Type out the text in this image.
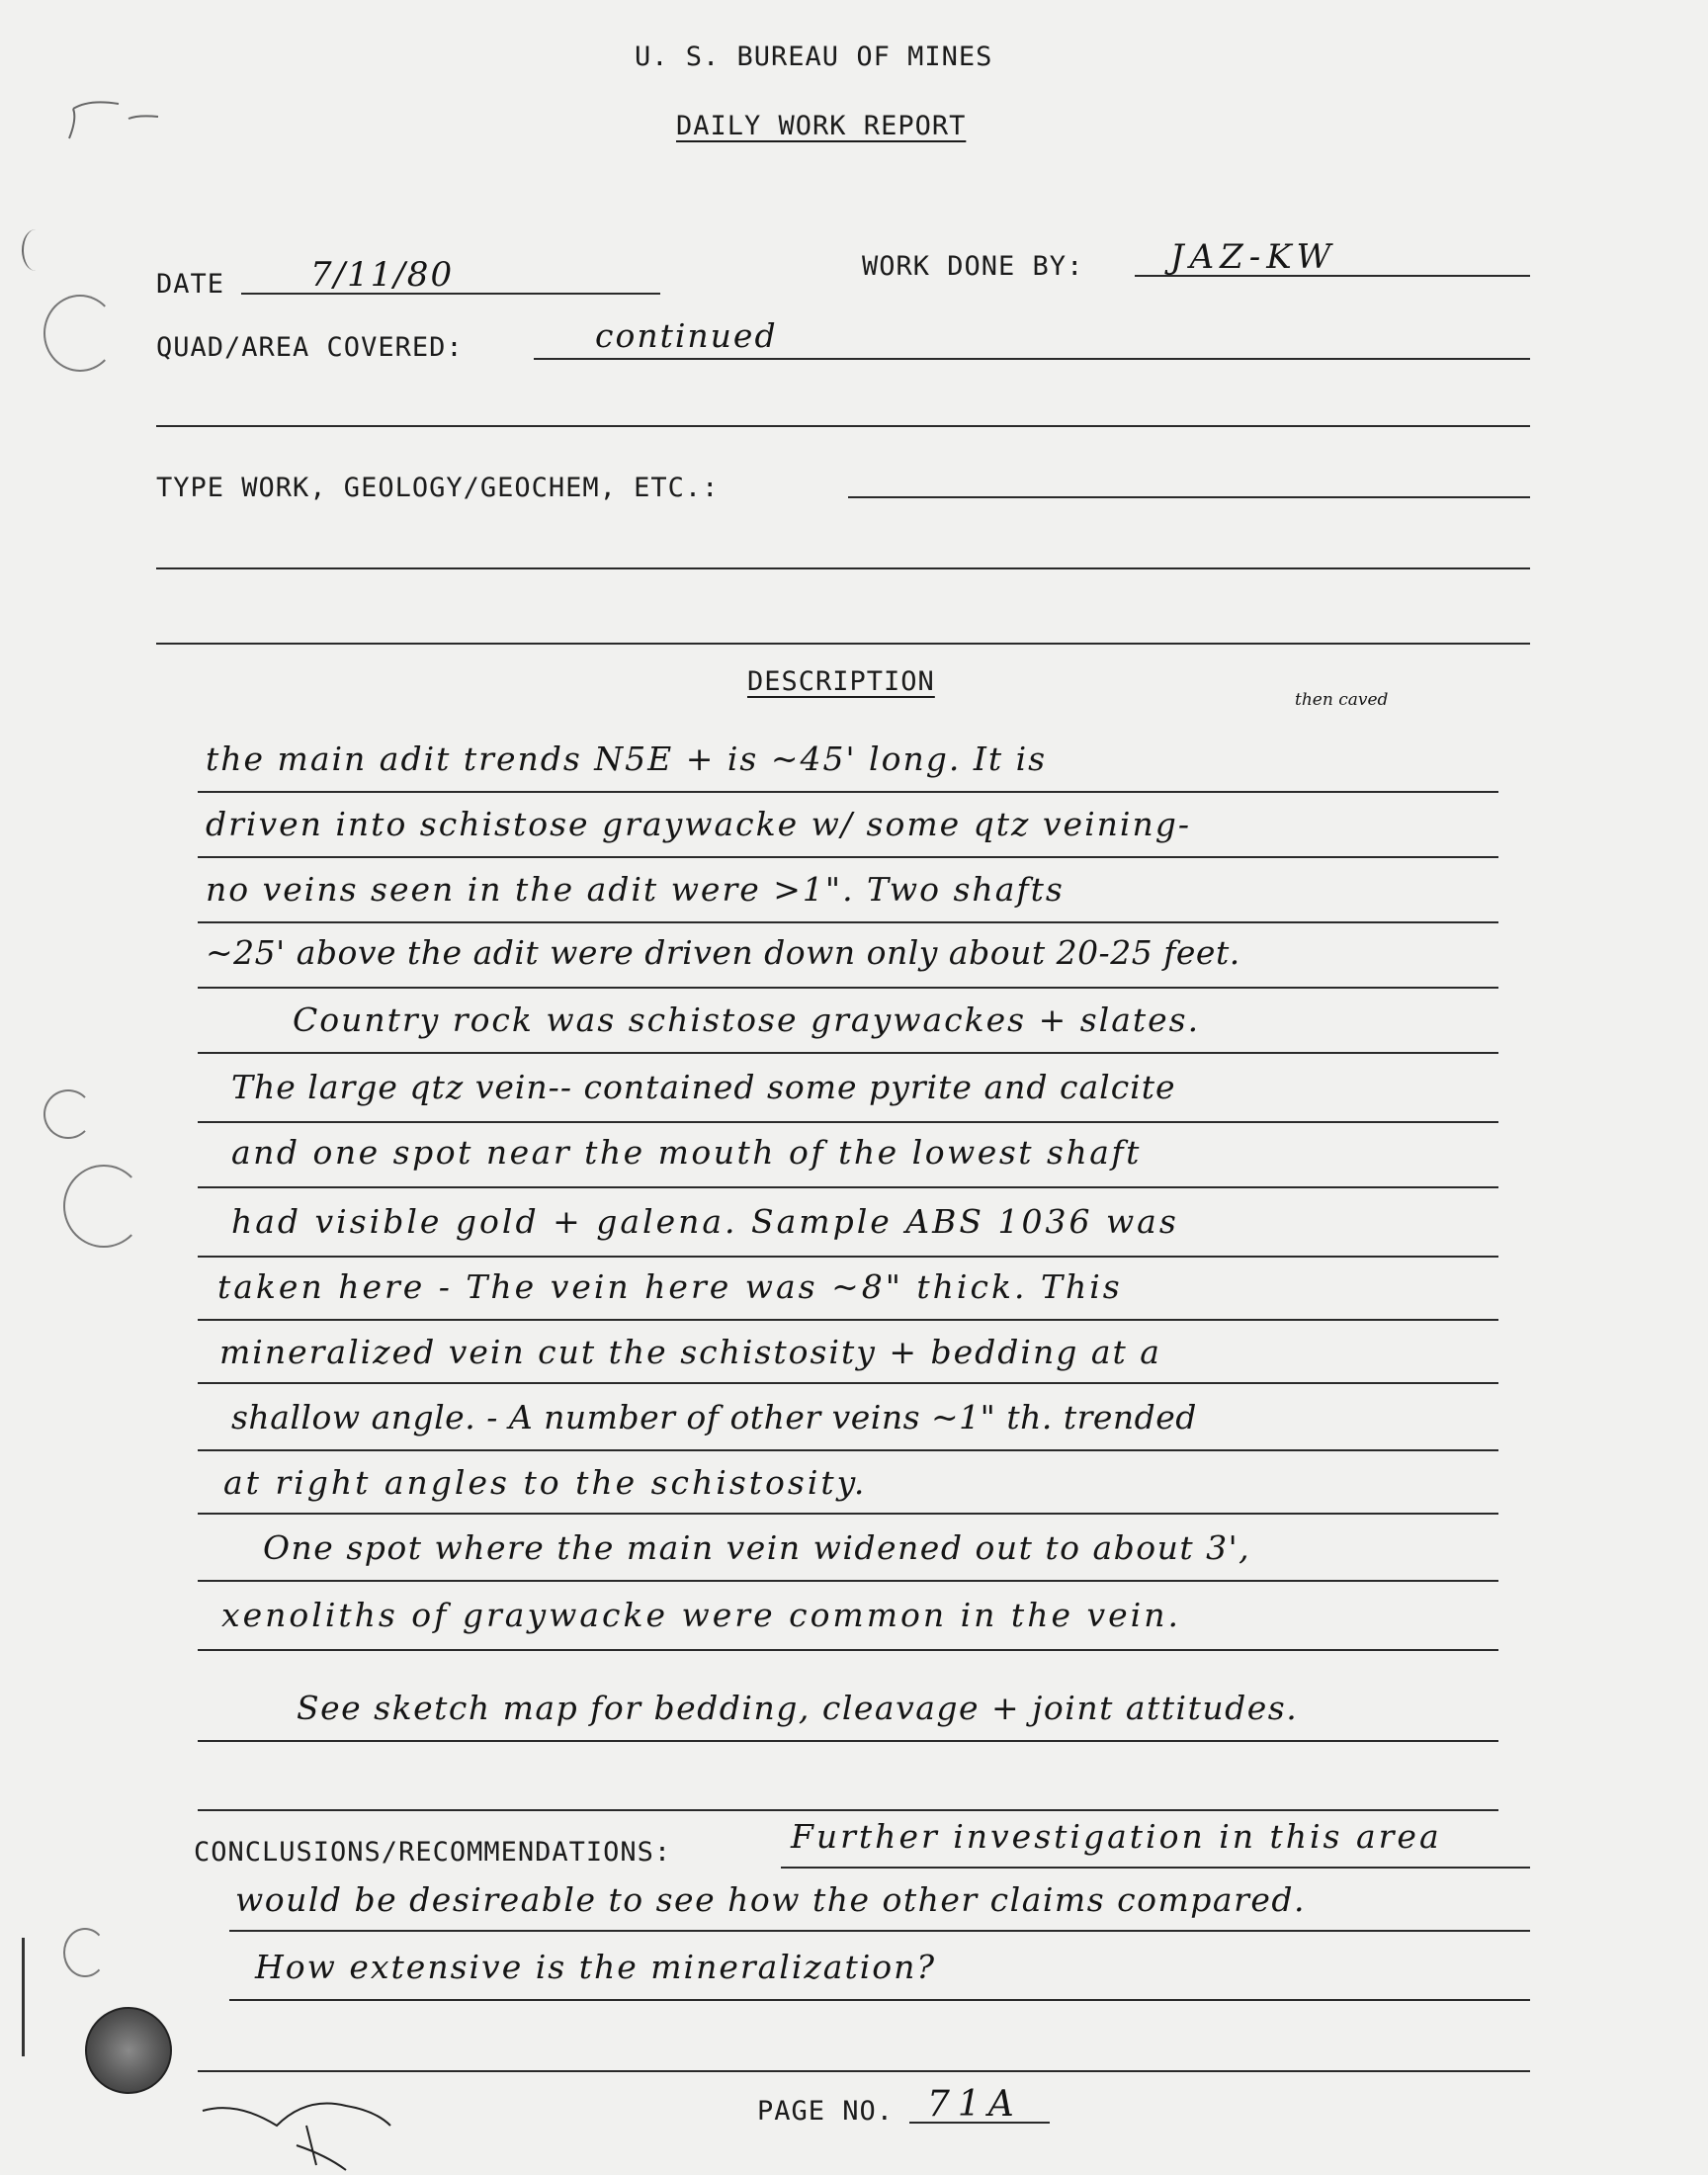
U. S. BUREAU OF MINES
DAILY WORK REPORT
DATE	7/11/80	WORK DONE BY:	JAZ-KW
QUAD/AREA COVERED:	continued
TYPE WORK, GEOLOGY/GEOCHEM, ETC.:
DESCRIPTION
then caved
the main adit trends N5E + is ~45' long. It is
driven into schistose graywacke w/ some qtz veining-
no veins seen in the adit were >1". Two shafts
~25' above the adit were driven down only about 20-25 feet.
Country rock was schistose graywackes + slates.
The large qtz vein-- contained some pyrite and calcite
and one spot near the mouth of the lowest shaft
had visible gold + galena. Sample ABS 1036 was
taken here - The vein here was ~8" thick. This
mineralized vein cut the schistosity + bedding at a
shallow angle. - A number of other veins ~1" th. trended
at right angles to the schistosity.
One spot where the main vein widened out to about 3',
xenoliths of graywacke were common in the vein.
See sketch map for bedding, cleavage + joint attitudes.
CONCLUSIONS/RECOMMENDATIONS:	Further investigation in this area
would be desireable to see how the other claims compared.
How extensive is the mineralization?
PAGE NO. 71A
